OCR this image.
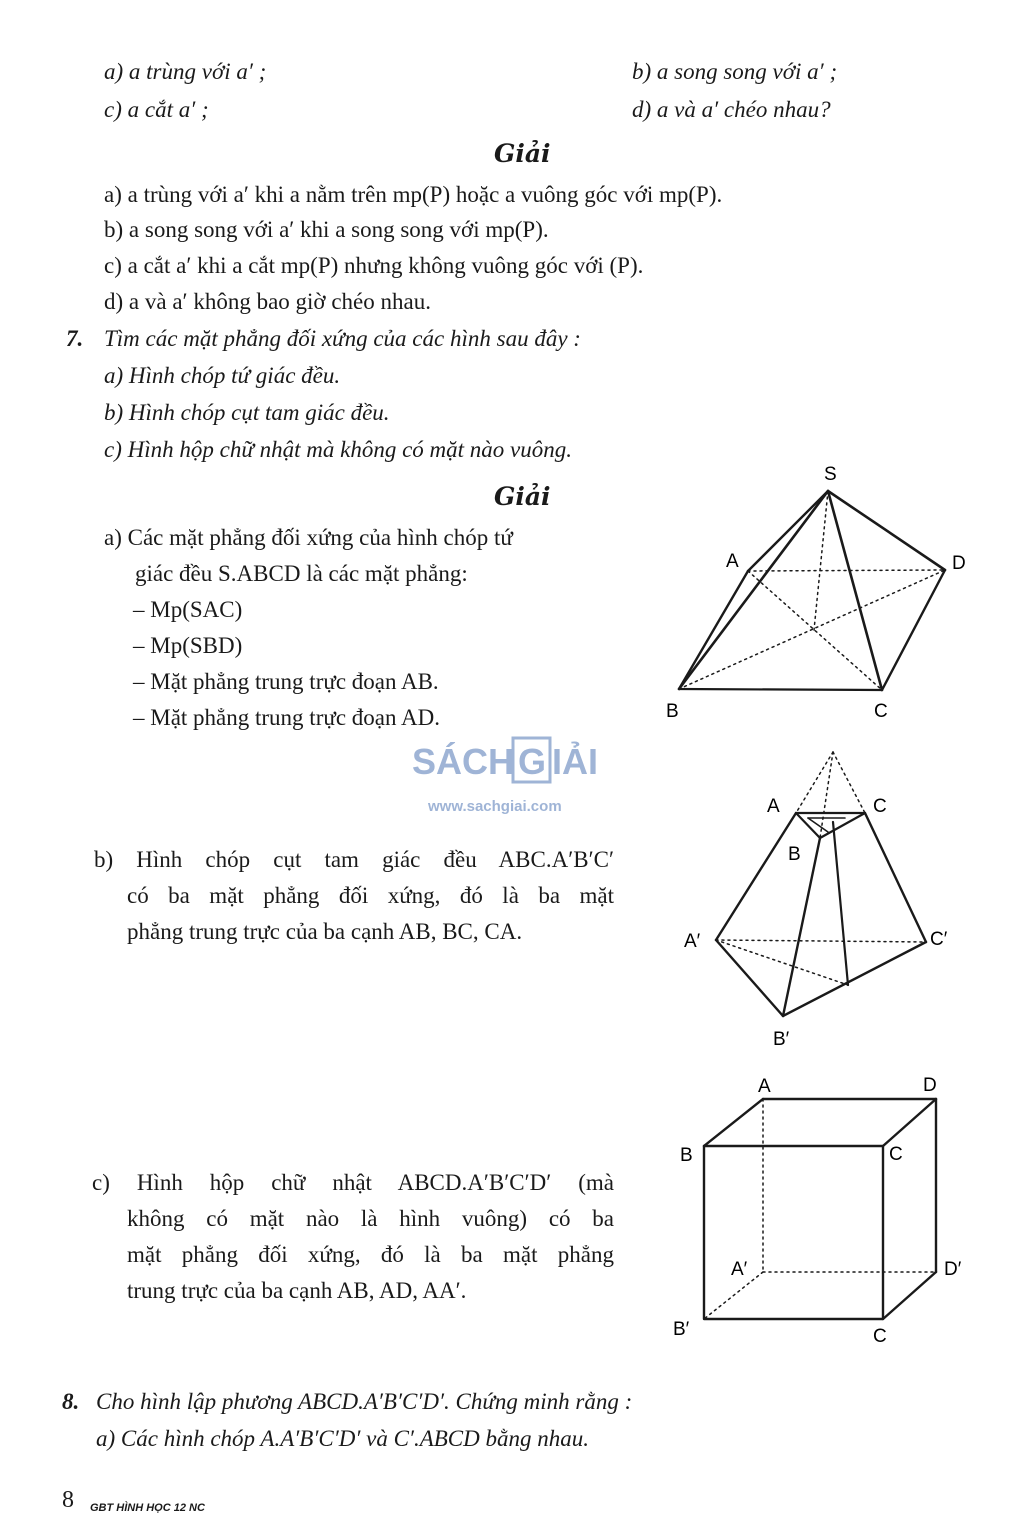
a) a trùng với a′ ;	b) a song song với a′ ;
c) a cắt a′ ;	d) a và a′ chéo nhau?
Giải
a) a trùng với a′ khi a nằm trên mp(P) hoặc a vuông góc với mp(P).
b) a song song với a′ khi a song song với mp(P).
c) a cắt a′ khi a cắt mp(P) nhưng không vuông góc với (P).
d) a và a′ không bao giờ chéo nhau.
7. Tìm các mặt phẳng đối xứng của các hình sau đây :
a) Hình chóp tứ giác đều.
b) Hình chóp cụt tam giác đều.
c) Hình hộp chữ nhật mà không có mặt nào vuông.
Giải
a) Các mặt phẳng đối xứng của hình chóp tứ
giác đều S.ABCD là các mặt phẳng:
– Mp(SAC)
– Mp(SBD)
– Mặt phẳng trung trực đoạn AB.
– Mặt phẳng trung trực đoạn AD.
b) Hình chóp cụt tam giác đều ABC.A′B′C′
có ba mặt phẳng đối xứng, đó là ba mặt
phẳng trung trực của ba cạnh AB, BC, CA.
c) Hình hộp chữ nhật ABCD.A′B′C′D′ (mà
không có mặt nào là hình vuông) có ba
mặt phẳng đối xứng, đó là ba mặt phẳng
trung trực của ba cạnh AB, AD, AA′.
8. Cho hình lập phương ABCD.A′B′C′D′. Chứng minh rằng :
a) Các hình chóp A.A′B′C′D′ và C′.ABCD bằng nhau.
8 GBT HÌNH HỌC 12 NC
S
A	D
B	C
A	C
B
A′	C′
B′
A	D
B	C
A′	D′
B′	C
SÁCH G IẢI
www.sachgiai.com
